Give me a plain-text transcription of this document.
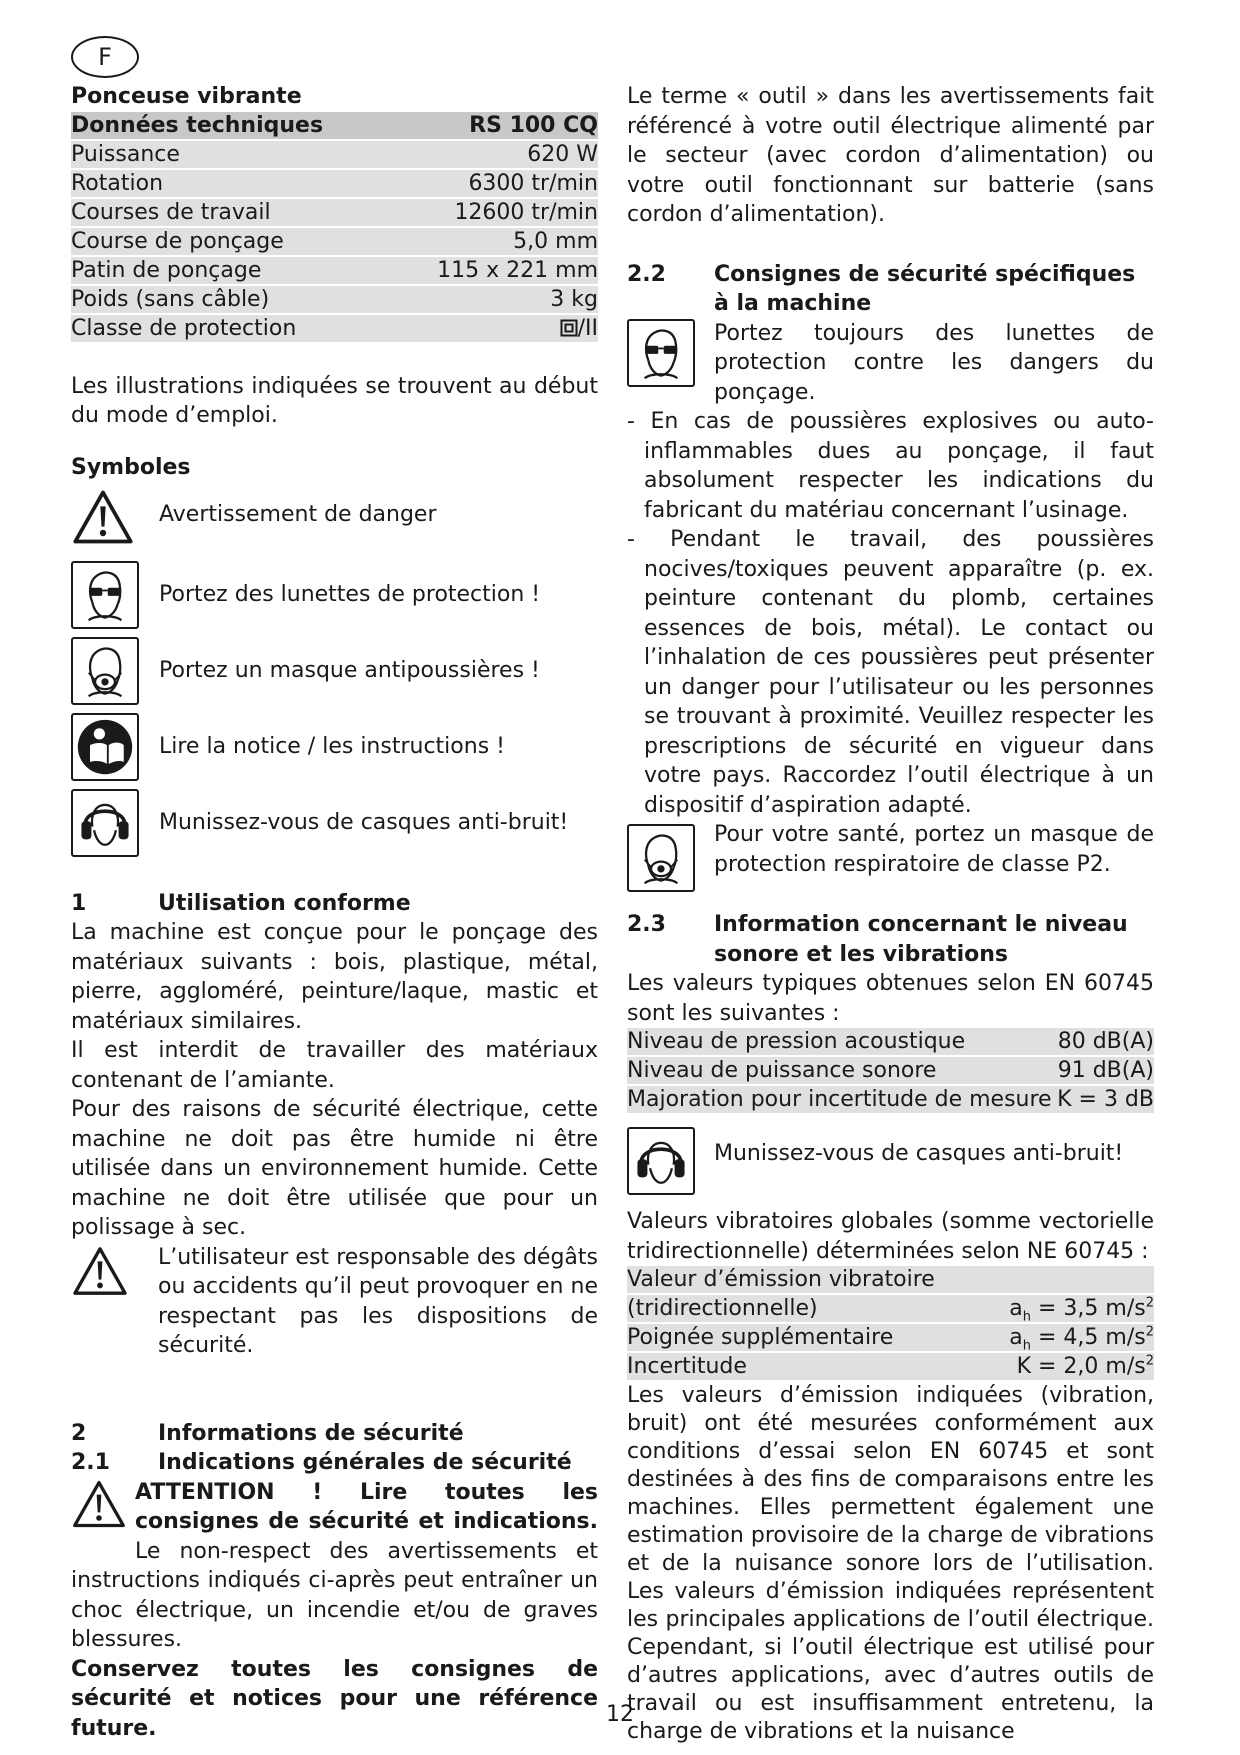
F

Ponceuse vibrante

Données techniques	RS 100 CQ
Puissance	620 W
Rotation	6300 tr/min
Courses de travail	12600 tr/min
Course de ponçage	5,0 mm
Patin de ponçage	115 x 221 mm
Poids (sans câble)	3 kg
Classe de protection	/II

Les illustrations indiquées se trouvent au début du mode d’emploi.

Symboles

Avertissement de danger
Portez des lunettes de protection !
Portez un masque antipoussières !
Lire la notice / les instructions !
Munissez-vous de casques anti-bruit!
1	Utilisation conforme

La machine est conçue pour le ponçage des matériaux suivants : bois, plastique, métal, pierre, aggloméré, peinture/laque, mastic et matériaux similaires.

Il est interdit de travailler des matériaux contenant de l’amiante.

Pour des raisons de sécurité électrique, cette machine ne doit pas être humide ni être utilisée dans un environnement humide. Cette machine ne doit être utilisée que pour un polissage à sec.

L’utilisateur est responsable des dégâts ou accidents qu’il peut provoquer en ne respectant pas les dispositions de sécurité.

2	Informations de sécurité
2.1	Indications générales de sécurité

ATTENTION ! Lire toutes les consignes de sécurité et indications. Le non-respect des avertissements et instructions indiqués ci-après peut entraîner un choc électrique, un incendie et/ou de graves blessures.

Conservez toutes les consignes de sécurité et notices pour une référence future.

Le terme « outil » dans les avertissements fait référencé à votre outil électrique alimenté par le secteur (avec cordon d’alimentation) ou votre outil fonctionnant sur batterie (sans cordon d’alimentation).

2.2	Consignes de sécurité spécifiques à la machine

Portez toujours des lunettes de protection contre les dangers du ponçage.

- En cas de poussières explosives ou auto-inflammables dues au ponçage, il faut absolument respecter les indications du fabricant du matériau concernant l’usinage.

- Pendant le travail, des poussières nocives/toxiques peuvent apparaître (p. ex. peinture contenant du plomb, certaines essences de bois, métal). Le contact ou l’inhalation de ces poussières peut présenter un danger pour l’utilisateur ou les personnes se trouvant à proximité. Veuillez respecter les prescriptions de sécurité en vigueur dans votre pays. Raccordez l’outil électrique à un dispositif d’aspiration adapté.

Pour votre santé, portez un masque de protection respiratoire de classe P2.

2.3	Information concernant le niveau sonore et les vibrations

Les valeurs typiques obtenues selon EN 60745 sont les suivantes :

Niveau de pression acoustique	80 dB(A)
Niveau de puissance sonore	91 dB(A)
Majoration pour incertitude de mesure	K = 3 dB

Munissez-vous de casques anti-bruit!

Valeurs vibratoires globales (somme vectorielle tridirectionnelle) déterminées selon NE 60745 :

Valeur d’émission vibratoire	
(tridirectionnelle)	$a_h = 3,5$ $m/s^2$
Poignée supplémentaire	$a_h = 4,5$ $m/s^2$
Incertitude	K = 2,0 $m/s^2$

Les valeurs d’émission indiquées (vibration, bruit) ont été mesurées conformément aux conditions d’essai selon EN 60745 et sont destinées à des fins de comparaisons entre les machines. Elles permettent également une estimation provisoire de la charge de vibrations et de la nuisance sonore lors de l’utilisation. Les valeurs d’émission indiquées représentent les principales applications de l’outil électrique. Cependant, si l’outil électrique est utilisé pour d’autres applications, avec d’autres outils de travail ou est insuffisamment entretenu, la charge de vibrations et la nuisance

12
